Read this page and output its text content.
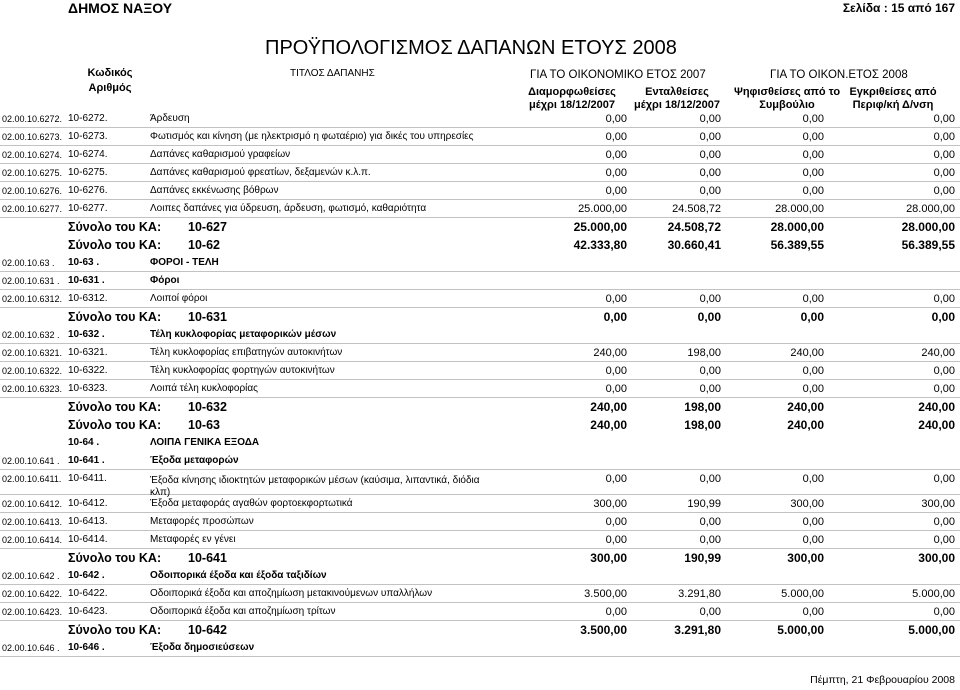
ΔΗΜΟΣ ΝΑΞΟΥ	Σελίδα : 15 από 167
ΠΡΟΫΠΟΛΟΓΙΣΜΟΣ ΔΑΠΑΝΩΝ ΕΤΟΥΣ 2008
Κωδικός
Αριθμός
ΤΙΤΛΟΣ ΔΑΠΑΝΗΣ	ΓΙΑ ΤΟ ΟΙΚΟΝΟΜΙΚΟ ΕΤΟΣ 2007	ΓΙΑ ΤΟ ΟΙΚΟΝ.ΕΤΟΣ 2008
Διαμορφωθείσες
μέχρι 18/12/2007
Ενταλθείσες
μέχρι 18/12/2007
Ψηφισθείσες από το
Συμβούλιο
Εγκριθείσες από
Περιφ/κή Δ/νση
02.00.10.6272. 10-6272.	Άρδευση	0,00	0,00	0,00	0,00
02.00.10.6273. 10-6273.	Φωτισμός και κίνηση (με ηλεκτρισμό η φωταέριο) για δικές του υπηρεσίες	0,00	0,00	0,00	0,00
02.00.10.6274. 10-6274.	Δαπάνες καθαρισμού γραφείων	0,00	0,00	0,00	0,00
02.00.10.6275. 10-6275.	Δαπάνες καθαρισμού φρεατίων, δεξαμενών κ.λ.π.	0,00	0,00	0,00	0,00
02.00.10.6276. 10-6276.	Δαπάνες εκκένωσης βόθρων	0,00	0,00	0,00	0,00
02.00.10.6277. 10-6277.	Λοιπες δαπάνες για ύδρευση, άρδευση, φωτισμό, καθαριότητα	25.000,00	24.508,72	28.000,00	28.000,00
Σύνολο του ΚΑ: 10-627	25.000,00	24.508,72	28.000,00	28.000,00
Σύνολο του ΚΑ: 10-62	42.333,80	30.660,41	56.389,55	56.389,55
02.00.10.63 . 10-63 .	ΦΟΡΟΙ - ΤΕΛΗ
02.00.10.631 . 10-631 .	Φόροι
02.00.10.6312. 10-6312.	Λοιποί φόροι	0,00	0,00	0,00	0,00
Σύνολο του ΚΑ: 10-631	0,00	0,00	0,00	0,00
02.00.10.632 . 10-632 .	Τέλη κυκλοφορίας μεταφορικών μέσων
02.00.10.6321. 10-6321.	Τέλη κυκλοφορίας επιβατηγών αυτοκινήτων	240,00	198,00	240,00	240,00
02.00.10.6322. 10-6322.	Τέλη κυκλοφορίας φορτηγών αυτοκινήτων	0,00	0,00	0,00	0,00
02.00.10.6323. 10-6323.	Λοιπά τέλη κυκλοφορίας	0,00	0,00	0,00	0,00
Σύνολο του ΚΑ: 10-632	240,00	198,00	240,00	240,00
Σύνολο του ΚΑ: 10-63	240,00	198,00	240,00	240,00
10-64 .	ΛΟΙΠΑ ΓΕΝΙΚΑ ΕΞΟΔΑ
02.00.10.641 . 10-641 .	Έξοδα μεταφορών
02.00.10.6411. 10-6411.	Έξοδα κίνησης ιδιοκτητών μεταφορικών μέσων (καύσιμα, λιπαντικά, διόδια
κλπ)
0,00	0,00	0,00	0,00
02.00.10.6412. 10-6412.	Έξοδα μεταφοράς αγαθών φορτοεκφορτωτικά	300,00	190,99	300,00	300,00
02.00.10.6413. 10-6413.	Μεταφορές προσώπων	0,00	0,00	0,00	0,00
02.00.10.6414. 10-6414.	Μεταφορές εν γένει	0,00	0,00	0,00	0,00
Σύνολο του ΚΑ: 10-641	300,00	190,99	300,00	300,00
02.00.10.642 . 10-642 .	Οδοιπορικά έξοδα και έξοδα ταξιδίων
02.00.10.6422. 10-6422.	Οδοιπορικά έξοδα και αποζημίωση μετακινούμενων υπαλλήλων	3.500,00	3.291,80	5.000,00	5.000,00
02.00.10.6423. 10-6423.	Οδοιπορικά έξοδα και αποζημίωση τρίτων	0,00	0,00	0,00	0,00
Σύνολο του ΚΑ: 10-642	3.500,00	3.291,80	5.000,00	5.000,00
02.00.10.646 . 10-646 .	Έξοδα δημοσιεύσεων
Πέμπτη, 21 Φεβρουαρίου 2008
